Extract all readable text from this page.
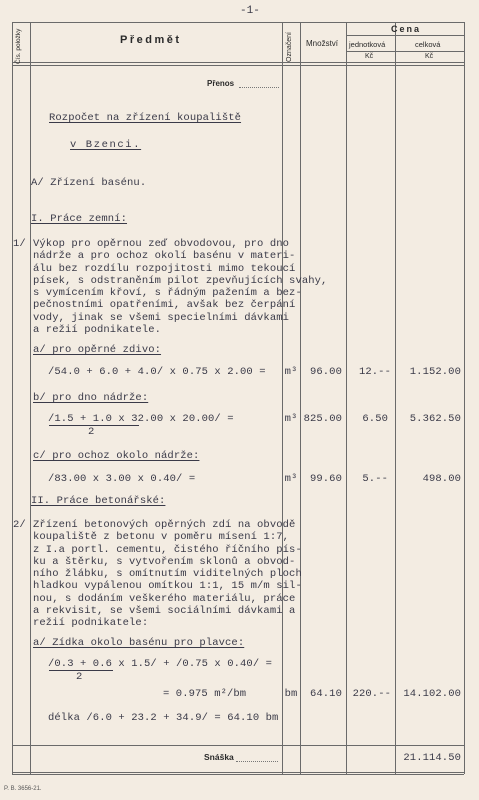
-1-
Čís. položky	Předmět	Označení Množství
Cena
jednotková	celková
Kč	Kč
Přenos
Rozpočet na zřízení koupaliště
v Bzenci.
A/ Zřízení basénu.
I. Práce zemní:
1/ Výkop pro opěrnou zeď obvodovou, pro dno
nádrže a pro ochoz okolí basénu v materi-
álu bez rozdílu rozpojitosti mimo tekoucí
písek, s odstraněním pilot zpevňujících svahy,
s vymícením křoví, s řádným pažením a bez-
pečnostními opatřeními, avšak bez čerpání
vody, jinak se všemi specielními dávkami
a režií podnikatele.
a/ pro opěrné zdivo:
/54.0 + 6.0 + 4.0/ x 0.75 x 2.00 = m³	96.00	12.--	1.152.00
b/ pro dno nádrže:
/1.5 + 1.0 x 32.00 x 20.00/ =
2
m³ 825.00	6.50	5.362.50
c/ pro ochoz okolo nádrže:
/83.00 x 3.00 x 0.40/ =	m³	99.60	5.--	498.00
II. Práce betonářské:
2/ Zřízení betonových opěrných zdí na obvodě
koupaliště z betonu v poměru mísení 1:7,
z I.a portl. cementu, čistého říčního pís-
ku a štěrku, s vytvořením sklonů a obvod-
ního žlábku, s omítnutím viditelných ploch
hladkou vypálenou omítkou 1:1, 15 m/m sil-
nou, s dodáním veškerého materiálu, práce
a rekvisit, se všemi sociálními dávkami a
režií podnikatele:
a/ Zídka okolo basénu pro plavce:
/0.3 + 0.6 x 1.5/ + /0.75 x 0.40/ =
2
= 0.975 m²/bm	bm	64.10	220.--	14.102.00
délka /6.0 + 23.2 + 34.9/ = 64.10 bm
Snáška	21.114.50
P. B. 3656-21.
